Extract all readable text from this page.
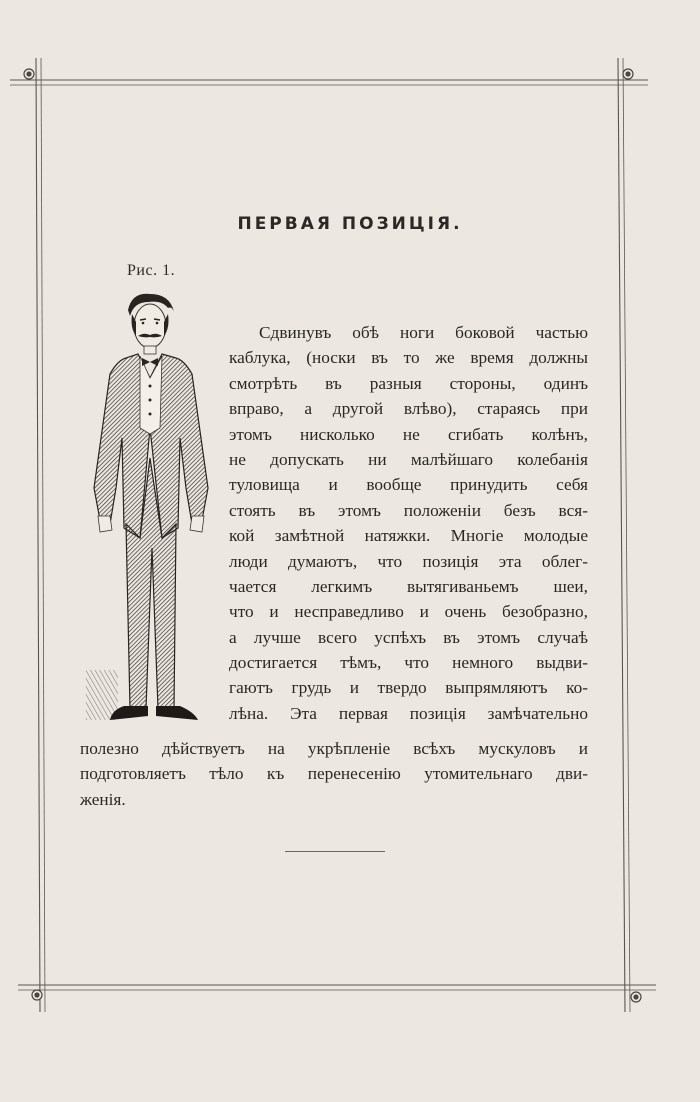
ПЕРВАЯ ПОЗИЦІЯ.
Рис. 1.
Сдвинувъ обѣ ноги боковой частью
каблука, (носки въ то же время должны
смотрѣть въ разныя стороны, одинъ
вправо, а другой влѣво), стараясь при
этомъ нисколько не сгибать колѣнъ,
не допускать ни малѣйшаго колебанія
туловища и вообще принудить себя
стоять въ этомъ положеніи безъ вся-
кой замѣтной натяжки. Многіе молодые
люди думаютъ, что позиція эта облег-
чается легкимъ вытягиваньемъ шеи,
что и несправедливо и очень безобразно,
а лучше всего успѣхъ въ этомъ случаѣ
достигается тѣмъ, что немного выдви-
гаютъ грудь и твердо выпрямляютъ ко-
лѣна. Эта первая позиція замѣчательно
полезно дѣйствуетъ на укрѣпленіе всѣхъ мускуловъ и
подготовляетъ тѣло къ перенесенію утомительнаго дви-
женія.
